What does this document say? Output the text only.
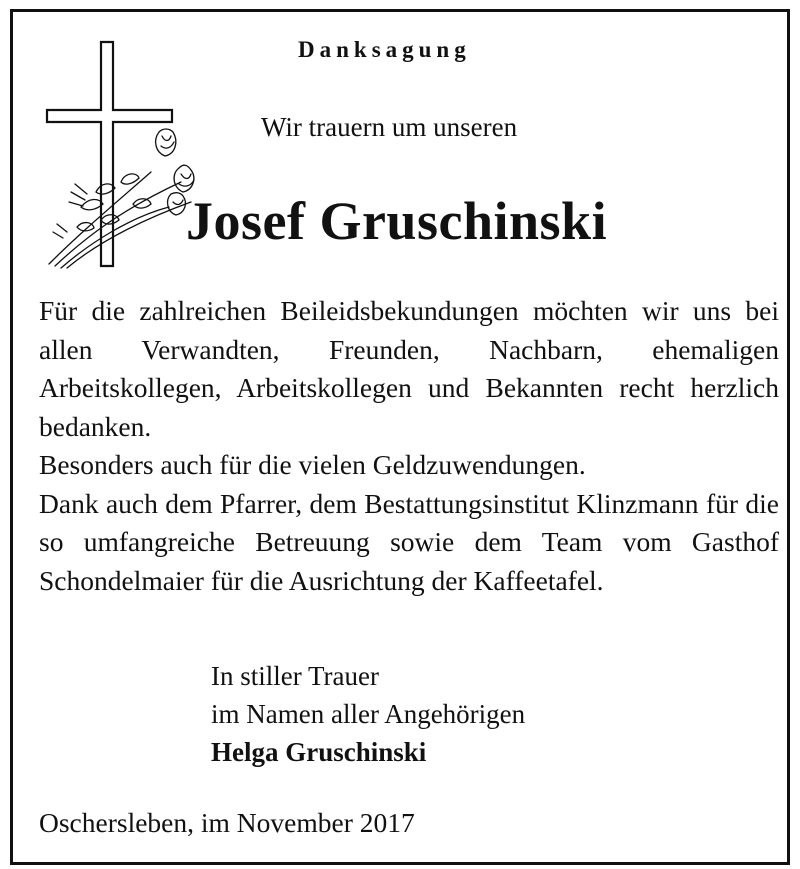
Danksagung
Wir trauern um unseren
Josef Gruschinski

Für die zahlreichen Beileidsbekundungen möchten wir uns bei allen Verwandten, Freunden, Nachbarn, ehemaligen Arbeitskollegen, Arbeitskollegen und Bekannten recht herzlich bedanken.

Besonders auch für die vielen Geldzuwendungen.

Dank auch dem Pfarrer, dem Bestattungsinstitut Klinzmann für die so umfangreiche Betreuung sowie dem Team vom Gasthof Schondelmaier für die Ausrichtung der Kaffeetafel.

In stiller Trauer
im Namen aller Angehörigen
Helga Gruschinski
Oschersleben, im November 2017
